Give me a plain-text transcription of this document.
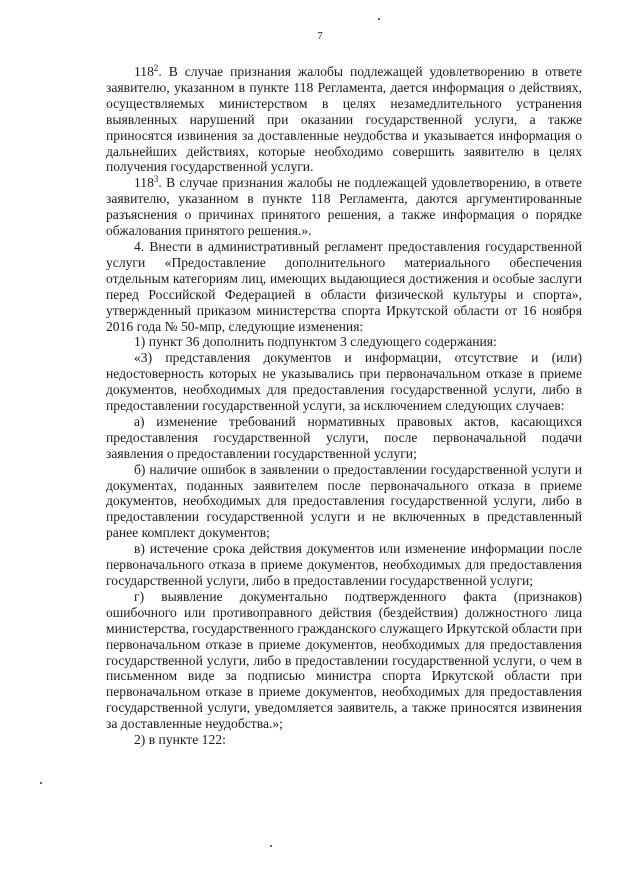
7

$118^2$. В случае признания жалобы подлежащей удовлетворению в ответе заявителю, указанном в пункте 118 Регламента, дается информация о действиях, осуществляемых министерством в целях незамедлительного устранения выявленных нарушений при оказании государственной услуги, а также приносятся извинения за доставленные неудобства и указывается информация о дальнейших действиях, которые необходимо совершить заявителю в целях получения государственной услуги.

$118^3$. В случае признания жалобы не подлежащей удовлетворению, в ответе заявителю, указанном в пункте 118 Регламента, даются аргументированные разъяснения о причинах принятого решения, а также информация о порядке обжалования принятого решения.».

4. Внести в административный регламент предоставления государственной услуги «Предоставление дополнительного материального обеспечения отдельным категориям лиц, имеющих выдающиеся достижения и особые заслуги перед Российской Федерацией в области физической культуры и спорта», утвержденный приказом министерства спорта Иркутской области от 16 ноября 2016 года № 50-мпр, следующие изменения:

1) пункт 36 дополнить подпунктом 3 следующего содержания:

«3) представления документов и информации, отсутствие и (или) недостоверность которых не указывались при первоначальном отказе в приеме документов, необходимых для предоставления государственной услуги, либо в предоставлении государственной услуги, за исключением следующих случаев:

а) изменение требований нормативных правовых актов, касающихся предоставления государственной услуги, после первоначальной подачи заявления о предоставлении государственной услуги;

б) наличие ошибок в заявлении о предоставлении государственной услуги и документах, поданных заявителем после первоначального отказа в приеме документов, необходимых для предоставления государственной услуги, либо в предоставлении государственной услуги и не включенных в представленный ранее комплект документов;

в) истечение срока действия документов или изменение информации после первоначального отказа в приеме документов, необходимых для предоставления государственной услуги, либо в предоставлении государственной услуги;

г) выявление документально подтвержденного факта (признаков) ошибочного или противоправного действия (бездействия) должностного лица министерства, государственного гражданского служащего Иркутской области при первоначальном отказе в приеме документов, необходимых для предоставления государственной услуги, либо в предоставлении государственной услуги, о чем в письменном виде за подписью министра спорта Иркутской области при первоначальном отказе в приеме документов, необходимых для предоставления государственной услуги, уведомляется заявитель, а также приносятся извинения за доставленные неудобства.»;

2) в пункте 122:
